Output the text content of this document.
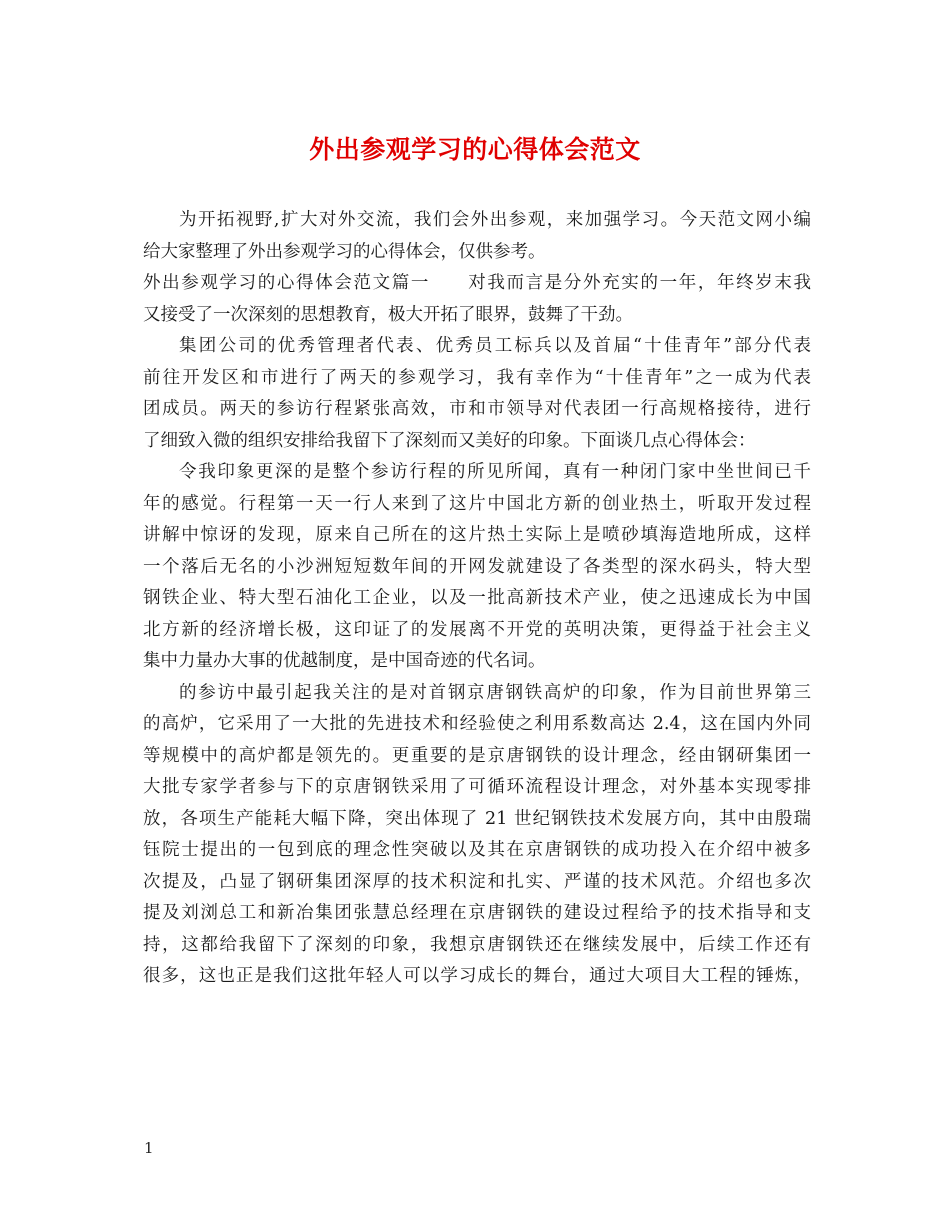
外出参观学习的心得体会范文
为开拓视野,扩大对外交流，我们会外出参观，来加强学习。今天范文网小编
给大家整理了外出参观学习的心得体会，仅供参考。
外出参观学习的心得体会范文篇一　　对我而言是分外充实的一年，年终岁末我
又接受了一次深刻的思想教育，极大开拓了眼界，鼓舞了干劲。
集团公司的优秀管理者代表、优秀员工标兵以及首届“十佳青年”部分代表
前往开发区和市进行了两天的参观学习，我有幸作为“十佳青年”之一成为代表
团成员。两天的参访行程紧张高效，市和市领导对代表团一行高规格接待，进行
了细致入微的组织安排给我留下了深刻而又美好的印象。下面谈几点心得体会：
令我印象更深的是整个参访行程的所见所闻，真有一种闭门家中坐世间已千
年的感觉。行程第一天一行人来到了这片中国北方新的创业热土，听取开发过程
讲解中惊讶的发现，原来自己所在的这片热土实际上是喷砂填海造地所成，这样
一个落后无名的小沙洲短短数年间的开网发就建设了各类型的深水码头，特大型
钢铁企业、特大型石油化工企业，以及一批高新技术产业，使之迅速成长为中国
北方新的经济增长极，这印证了的发展离不开党的英明决策，更得益于社会主义
集中力量办大事的优越制度，是中国奇迹的代名词。
的参访中最引起我关注的是对首钢京唐钢铁高炉的印象，作为目前世界第三
的高炉，它采用了一大批的先进技术和经验使之利用系数高达 2.4，这在国内外同
等规模中的高炉都是领先的。更重要的是京唐钢铁的设计理念，经由钢研集团一
大批专家学者参与下的京唐钢铁采用了可循环流程设计理念，对外基本实现零排
放，各项生产能耗大幅下降，突出体现了 21 世纪钢铁技术发展方向，其中由殷瑞
钰院士提出的一包到底的理念性突破以及其在京唐钢铁的成功投入在介绍中被多
次提及，凸显了钢研集团深厚的技术积淀和扎实、严谨的技术风范。介绍也多次
提及刘浏总工和新冶集团张慧总经理在京唐钢铁的建设过程给予的技术指导和支
持，这都给我留下了深刻的印象，我想京唐钢铁还在继续发展中，后续工作还有
很多，这也正是我们这批年轻人可以学习成长的舞台，通过大项目大工程的锤炼，
1
